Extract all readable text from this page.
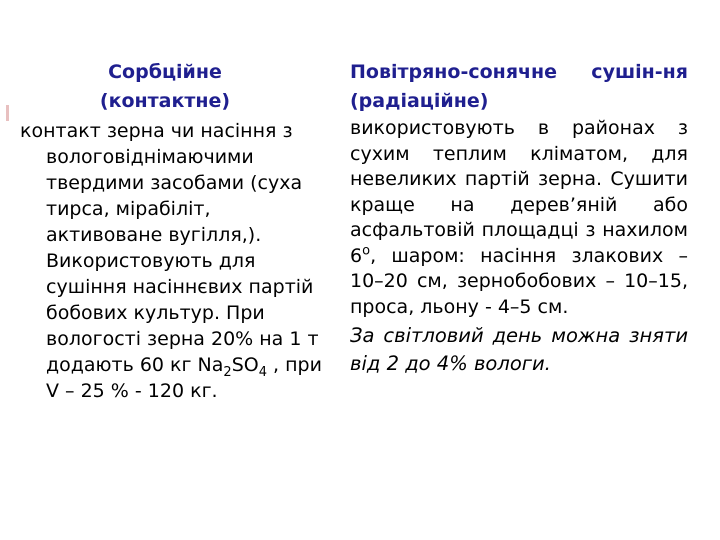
Сорбційне
(контактне)
контакт зерна чи насіння з вологовіднімаючими твердими засобами (суха тирса, мірабіліт, активоване вугілля,). Використовують для сушіння насіннєвих партій бобових культур. При вологості зерна 20% на 1 т додають 60 кг $Na_2SO_4$ , при V – 25 % - 120 кг.
Повітряно-сонячне сушін-ня (радіаційне)
використовують в районах з сухим теплим кліматом, для невеликих партій зерна. Сушити краще на дерев’яній або асфальтовій площадці з нахилом $6^о$, шаром: насіння злакових – 10–20 см, зернобобових – 10–15, проса, льону - 4–5 см.
За світловий день можна зняти від 2 до 4% вологи.
